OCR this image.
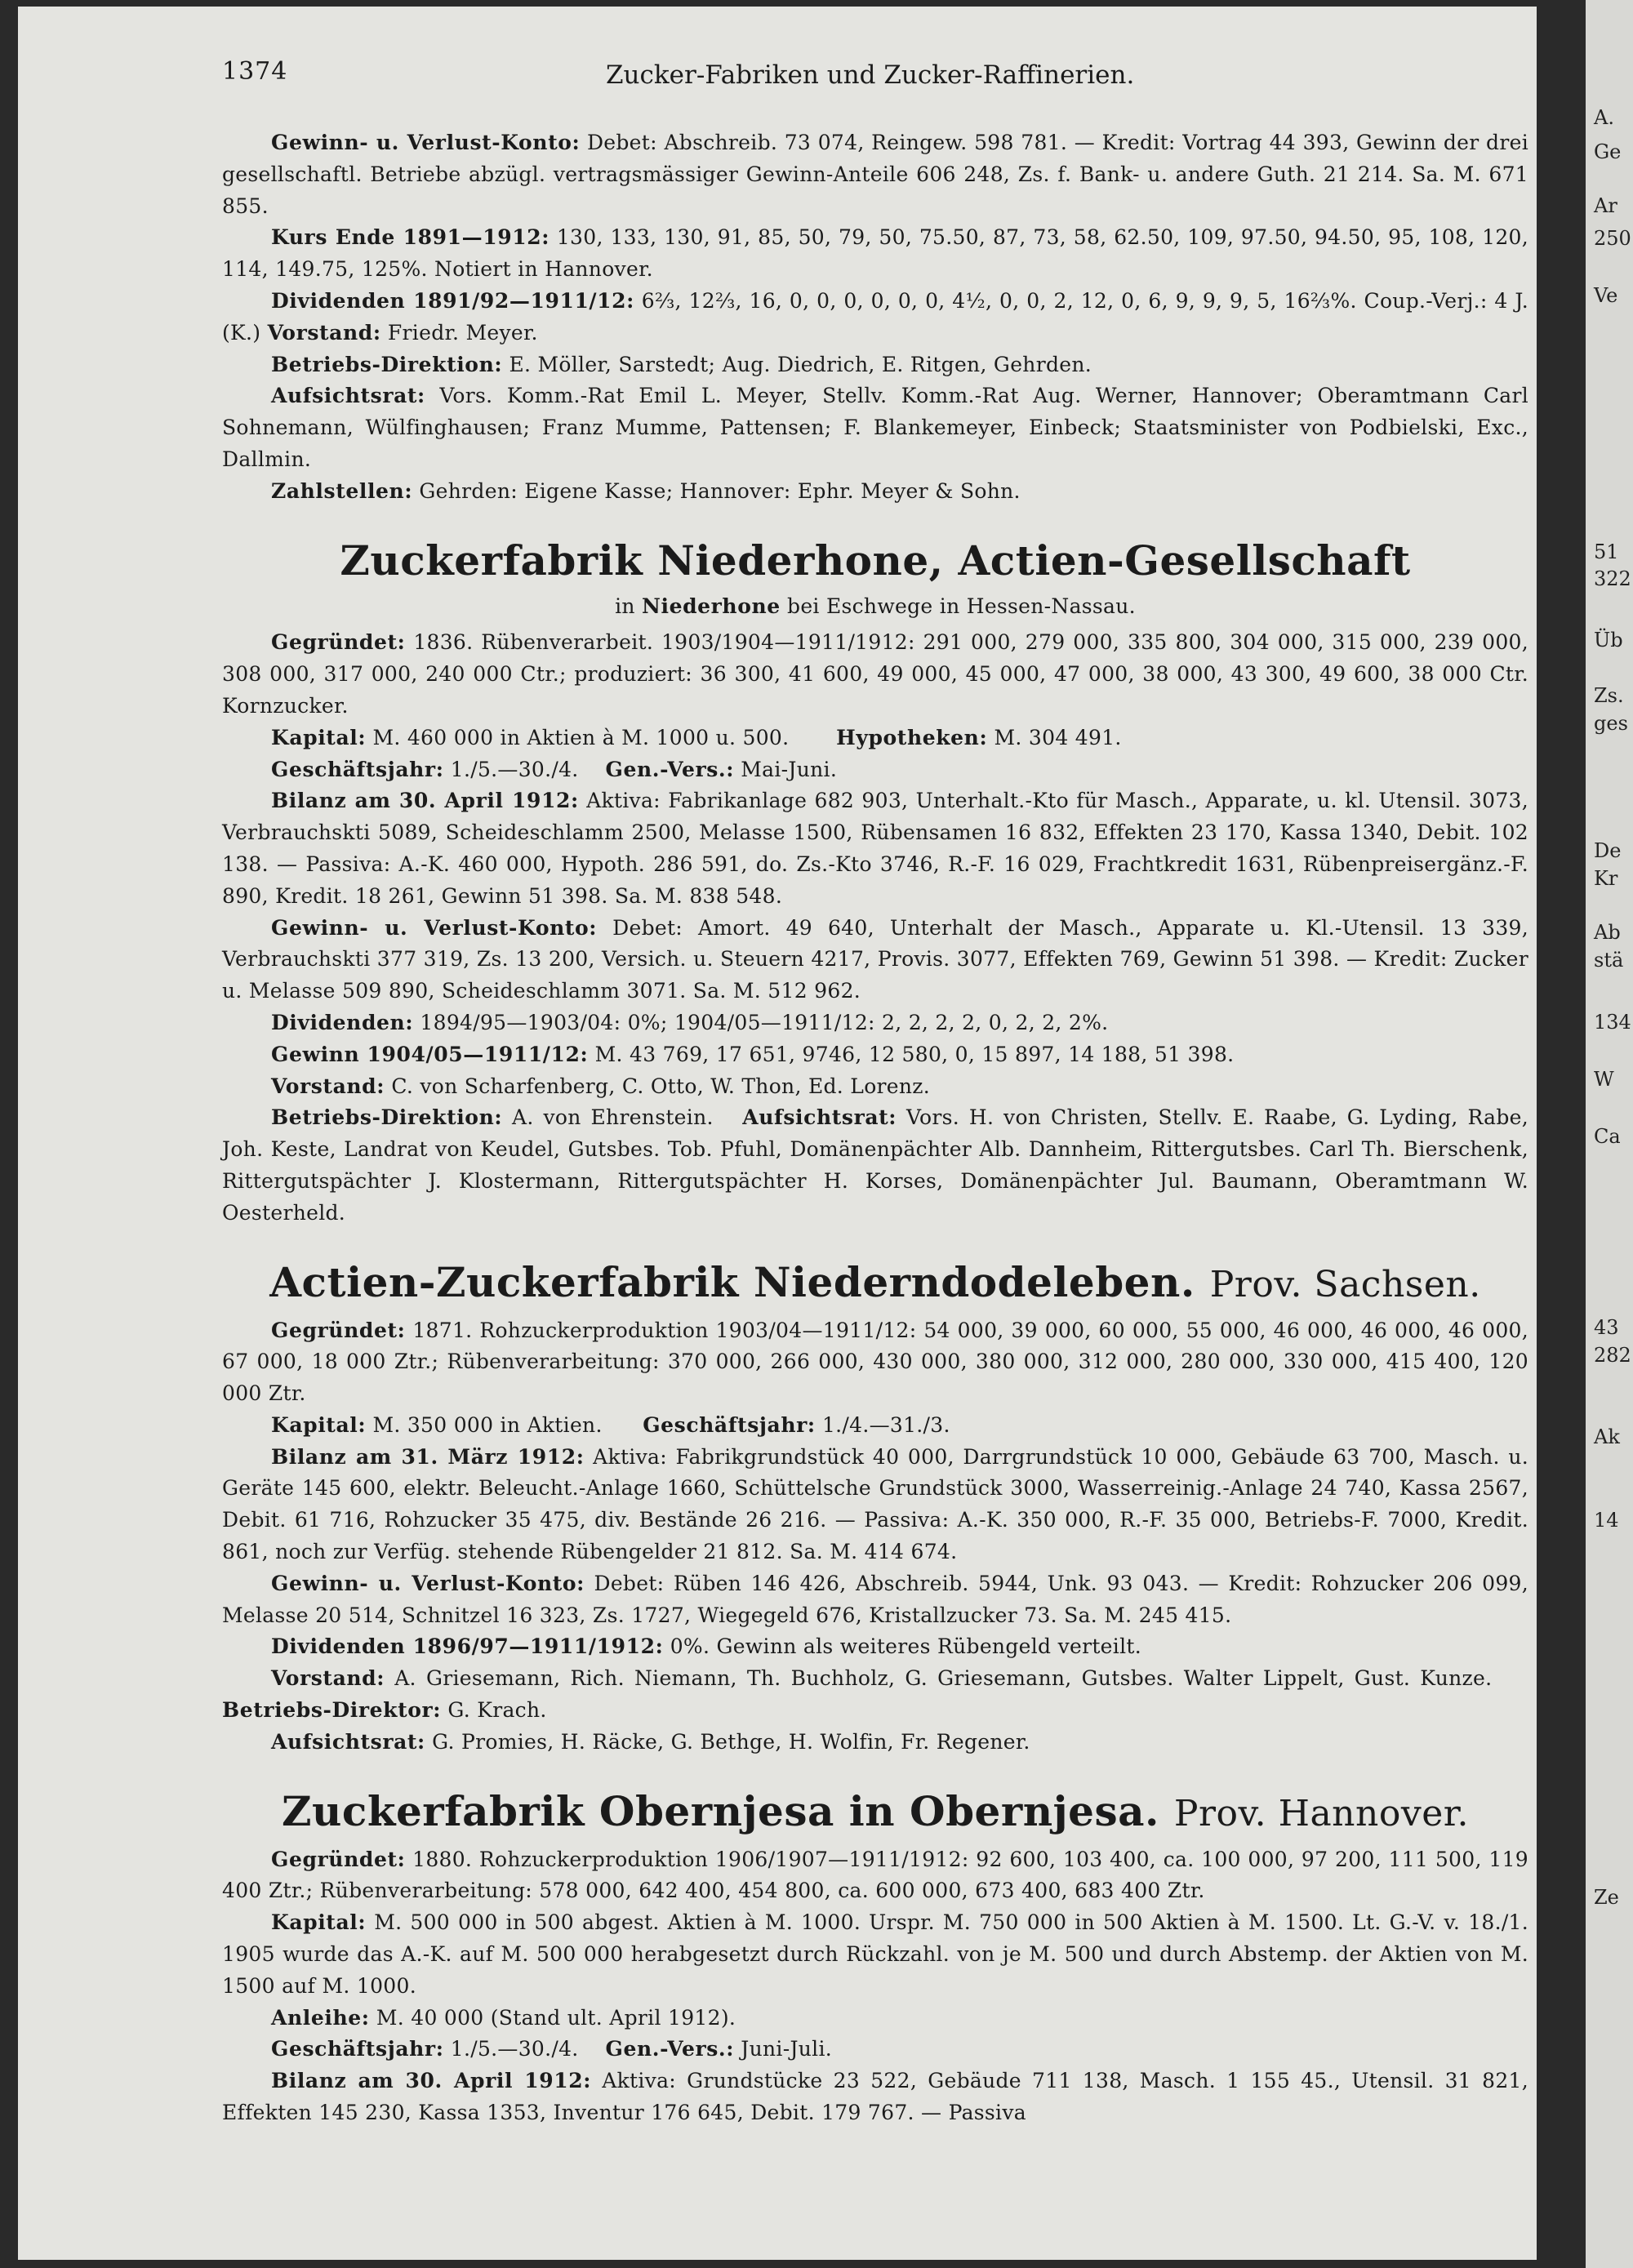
1374	Zucker-Fabriken und Zucker-Raffinerien.

Gewinn- u. Verlust-Konto: Debet: Abschreib. 73 074, Reingew. 598 781. — Kredit: Vortrag 44 393, Gewinn der drei gesellschaftl. Betriebe abzügl. vertragsmässiger Gewinn-Anteile 606 248, Zs. f. Bank- u. andere Guth. 21 214. Sa. M. 671 855.

Kurs Ende 1891—1912: 130, 133, 130, 91, 85, 50, 79, 50, 75.50, 87, 73, 58, 62.50, 109, 97.50, 94.50, 95, 108, 120, 114, 149.75, 125%. Notiert in Hannover.

Dividenden 1891/92—1911/12: 6⅔, 12⅔, 16, 0, 0, 0, 0, 0, 0, 4½, 0, 0, 2, 12, 0, 6, 9, 9, 9, 5, 16⅔%. Coup.-Verj.: 4 J. (K.) Vorstand: Friedr. Meyer.

Betriebs-Direktion: E. Möller, Sarstedt; Aug. Diedrich, E. Ritgen, Gehrden.

Aufsichtsrat: Vors. Komm.-Rat Emil L. Meyer, Stellv. Komm.-Rat Aug. Werner, Hannover; Oberamtmann Carl Sohnemann, Wülfinghausen; Franz Mumme, Pattensen; F. Blankemeyer, Einbeck; Staatsminister von Podbielski, Exc., Dallmin.

Zahlstellen: Gehrden: Eigene Kasse; Hannover: Ephr. Meyer & Sohn.

Zuckerfabrik Niederhone, Actien-Gesellschaft
in Niederhone bei Eschwege in Hessen-Nassau.

Gegründet: 1836. Rübenverarbeit. 1903/1904—1911/1912: 291 000, 279 000, 335 800, 304 000, 315 000, 239 000, 308 000, 317 000, 240 000 Ctr.; produziert: 36 300, 41 600, 49 000, 45 000, 47 000, 38 000, 43 300, 49 600, 38 000 Ctr. Kornzucker.

Kapital: M. 460 000 in Aktien à M. 1000 u. 500. Hypotheken: M. 304 491.

Geschäftsjahr: 1./5.—30./4. Gen.-Vers.: Mai-Juni.

Bilanz am 30. April 1912: Aktiva: Fabrikanlage 682 903, Unterhalt.-Kto für Masch., Apparate, u. kl. Utensil. 3073, Verbrauchskti 5089, Scheideschlamm 2500, Melasse 1500, Rübensamen 16 832, Effekten 23 170, Kassa 1340, Debit. 102 138. — Passiva: A.-K. 460 000, Hypoth. 286 591, do. Zs.-Kto 3746, R.-F. 16 029, Frachtkredit 1631, Rübenpreisergänz.-F. 890, Kredit. 18 261, Gewinn 51 398. Sa. M. 838 548.

Gewinn- u. Verlust-Konto: Debet: Amort. 49 640, Unterhalt der Masch., Apparate u. Kl.-Utensil. 13 339, Verbrauchskti 377 319, Zs. 13 200, Versich. u. Steuern 4217, Provis. 3077, Effekten 769, Gewinn 51 398. — Kredit: Zucker u. Melasse 509 890, Scheideschlamm 3071. Sa. M. 512 962.

Dividenden: 1894/95—1903/04: 0%; 1904/05—1911/12: 2, 2, 2, 2, 0, 2, 2, 2%.

Gewinn 1904/05—1911/12: M. 43 769, 17 651, 9746, 12 580, 0, 15 897, 14 188, 51 398.

Vorstand: C. von Scharfenberg, C. Otto, W. Thon, Ed. Lorenz.

Betriebs-Direktion: A. von Ehrenstein. Aufsichtsrat: Vors. H. von Christen, Stellv. E. Raabe, G. Lyding, Rabe, Joh. Keste, Landrat von Keudel, Gutsbes. Tob. Pfuhl, Domänenpächter Alb. Dannheim, Rittergutsbes. Carl Th. Bierschenk, Rittergutspächter J. Klostermann, Rittergutspächter H. Korses, Domänenpächter Jul. Baumann, Oberamtmann W. Oesterheld.

Actien-Zuckerfabrik Niederndodeleben. Prov. Sachsen.

Gegründet: 1871. Rohzuckerproduktion 1903/04—1911/12: 54 000, 39 000, 60 000, 55 000, 46 000, 46 000, 46 000, 67 000, 18 000 Ztr.; Rübenverarbeitung: 370 000, 266 000, 430 000, 380 000, 312 000, 280 000, 330 000, 415 400, 120 000 Ztr.

Kapital: M. 350 000 in Aktien. Geschäftsjahr: 1./4.—31./3.

Bilanz am 31. März 1912: Aktiva: Fabrikgrundstück 40 000, Darrgrundstück 10 000, Gebäude 63 700, Masch. u. Geräte 145 600, elektr. Beleucht.-Anlage 1660, Schüttelsche Grundstück 3000, Wasserreinig.-Anlage 24 740, Kassa 2567, Debit. 61 716, Rohzucker 35 475, div. Bestände 26 216. — Passiva: A.-K. 350 000, R.-F. 35 000, Betriebs-F. 7000, Kredit. 861, noch zur Verfüg. stehende Rübengelder 21 812. Sa. M. 414 674.

Gewinn- u. Verlust-Konto: Debet: Rüben 146 426, Abschreib. 5944, Unk. 93 043. — Kredit: Rohzucker 206 099, Melasse 20 514, Schnitzel 16 323, Zs. 1727, Wiegegeld 676, Kristallzucker 73. Sa. M. 245 415.

Dividenden 1896/97—1911/1912: 0%. Gewinn als weiteres Rübengeld verteilt.

Vorstand: A. Griesemann, Rich. Niemann, Th. Buchholz, G. Griesemann, Gutsbes. Walter Lippelt, Gust. Kunze.     Betriebs-Direktor: G. Krach.

Aufsichtsrat: G. Promies, H. Räcke, G. Bethge, H. Wolfin, Fr. Regener.

Zuckerfabrik Obernjesa in Obernjesa. Prov. Hannover.

Gegründet: 1880. Rohzuckerproduktion 1906/1907—1911/1912: 92 600, 103 400, ca. 100 000, 97 200, 111 500, 119 400 Ztr.; Rübenverarbeitung: 578 000, 642 400, 454 800, ca. 600 000, 673 400, 683 400 Ztr.

Kapital: M. 500 000 in 500 abgest. Aktien à M. 1000. Urspr. M. 750 000 in 500 Aktien à M. 1500. Lt. G.-V. v. 18./1. 1905 wurde das A.-K. auf M. 500 000 herabgesetzt durch Rückzahl. von je M. 500 und durch Abstemp. der Aktien von M. 1500 auf M. 1000.

Anleihe: M. 40 000 (Stand ult. April 1912).

Geschäftsjahr: 1./5.—30./4. Gen.-Vers.: Juni-Juli.

Bilanz am 30. April 1912: Aktiva: Grundstücke 23 522, Gebäude 711 138, Masch. 1 155 45., Utensil. 31 821, Effekten 145 230, Kassa 1353, Inventur 176 645, Debit. 179 767. — Passiva

A.
Ge
Ar
250
Ve
51
322
Üb
Zs.
ges
De
Kr
Ab
stä
134
W
Ca
43
282
Ak
14
Ze
